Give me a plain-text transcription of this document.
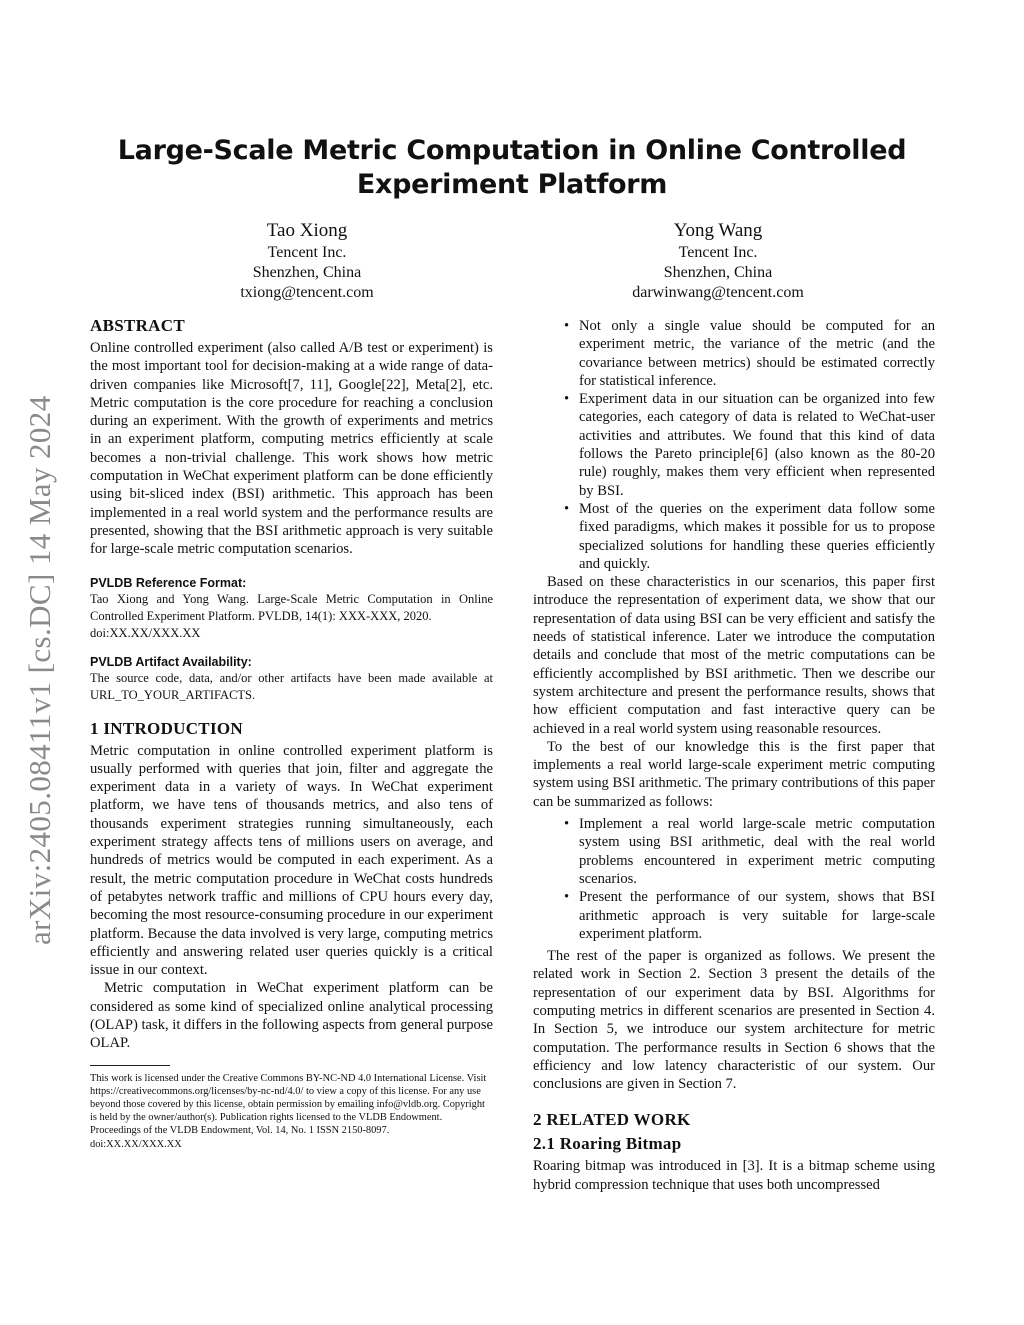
Large-Scale Metric Computation in Online Controlled Experiment Platform
Tao Xiong
Tencent Inc.
Shenzhen, China
txiong@tencent.com
Yong Wang
Tencent Inc.
Shenzhen, China
darwinwang@tencent.com
arXiv:2405.08411v1 [cs.DC] 14 May 2024
ABSTRACT

Online controlled experiment (also called A/B test or experiment) is the most important tool for decision-making at a wide range of data-driven companies like Microsoft[7, 11], Google[22], Meta[2], etc. Metric computation is the core procedure for reaching a conclusion during an experiment. With the growth of experiments and metrics in an experiment platform, computing metrics efficiently at scale becomes a non-trivial challenge. This work shows how metric computation in WeChat experiment platform can be done efficiently using bit-sliced index (BSI) arithmetic. This approach has been implemented in a real world system and the performance results are presented, showing that the BSI arithmetic approach is very suitable for large-scale metric computation scenarios.

PVLDB Reference Format:

Tao Xiong and Yong Wang. Large-Scale Metric Computation in Online Controlled Experiment Platform. PVLDB, 14(1): XXX-XXX, 2020.

doi:XX.XX/XXX.XX

PVLDB Artifact Availability:

The source code, data, and/or other artifacts have been made available at URL_TO_YOUR_ARTIFACTS.

1 INTRODUCTION

Metric computation in online controlled experiment platform is usually performed with queries that join, filter and aggregate the experiment data in a variety of ways. In WeChat experiment platform, we have tens of thousands metrics, and also tens of thousands experiment strategies running simultaneously, each experiment strategy affects tens of millions users on average, and hundreds of metrics would be computed in each experiment. As a result, the metric computation procedure in WeChat costs hundreds of petabytes network traffic and millions of CPU hours every day, becoming the most resource-consuming procedure in our experiment platform. Because the data involved is very large, computing metrics efficiently and answering related user queries quickly is a critical issue in our context.

Metric computation in WeChat experiment platform can be considered as some kind of specialized online analytical processing (OLAP) task, it differs in the following aspects from general purpose OLAP.

This work is licensed under the Creative Commons BY-NC-ND 4.0 International License. Visit https://creativecommons.org/licenses/by-nc-nd/4.0/ to view a copy of this license. For any use beyond those covered by this license, obtain permission by emailing info@vldb.org. Copyright is held by the owner/author(s). Publication rights licensed to the VLDB Endowment.

Proceedings of the VLDB Endowment, Vol. 14, No. 1 ISSN 2150-8097.

doi:XX.XX/XXX.XX

• Not only a single value should be computed for an experiment metric, the variance of the metric (and the covariance between metrics) should be estimated correctly for statistical inference.
• Experiment data in our situation can be organized into few categories, each category of data is related to WeChat-user activities and attributes. We found that this kind of data follows the Pareto principle[6] (also known as the 80-20 rule) roughly, makes them very efficient when represented by BSI.
• Most of the queries on the experiment data follow some fixed paradigms, which makes it possible for us to propose specialized solutions for handling these queries efficiently and quickly.

Based on these characteristics in our scenarios, this paper first introduce the representation of experiment data, we show that our representation of data using BSI can be very efficient and satisfy the needs of statistical inference. Later we introduce the computation details and conclude that most of the metric computations can be efficiently accomplished by BSI arithmetic. Then we describe our system architecture and present the performance results, shows that how efficient computation and fast interactive query can be achieved in a real world system using reasonable resources.

To the best of our knowledge this is the first paper that implements a real world large-scale experiment metric computing system using BSI arithmetic. The primary contributions of this paper can be summarized as follows:

• Implement a real world large-scale metric computation system using BSI arithmetic, deal with the real world problems encountered in experiment metric computing scenarios.
• Present the performance of our system, shows that BSI arithmetic approach is very suitable for large-scale experiment platform.

The rest of the paper is organized as follows. We present the related work in Section 2. Section 3 present the details of the representation of our experiment data by BSI. Algorithms for computing metrics in different scenarios are presented in Section 4. In Section 5, we introduce our system architecture for metric computation. The performance results in Section 6 shows that the efficiency and low latency characteristic of our system. Our conclusions are given in Section 7.

2 RELATED WORK
2.1 Roaring Bitmap

Roaring bitmap was introduced in [3]. It is a bitmap scheme using hybrid compression technique that uses both uncompressed
